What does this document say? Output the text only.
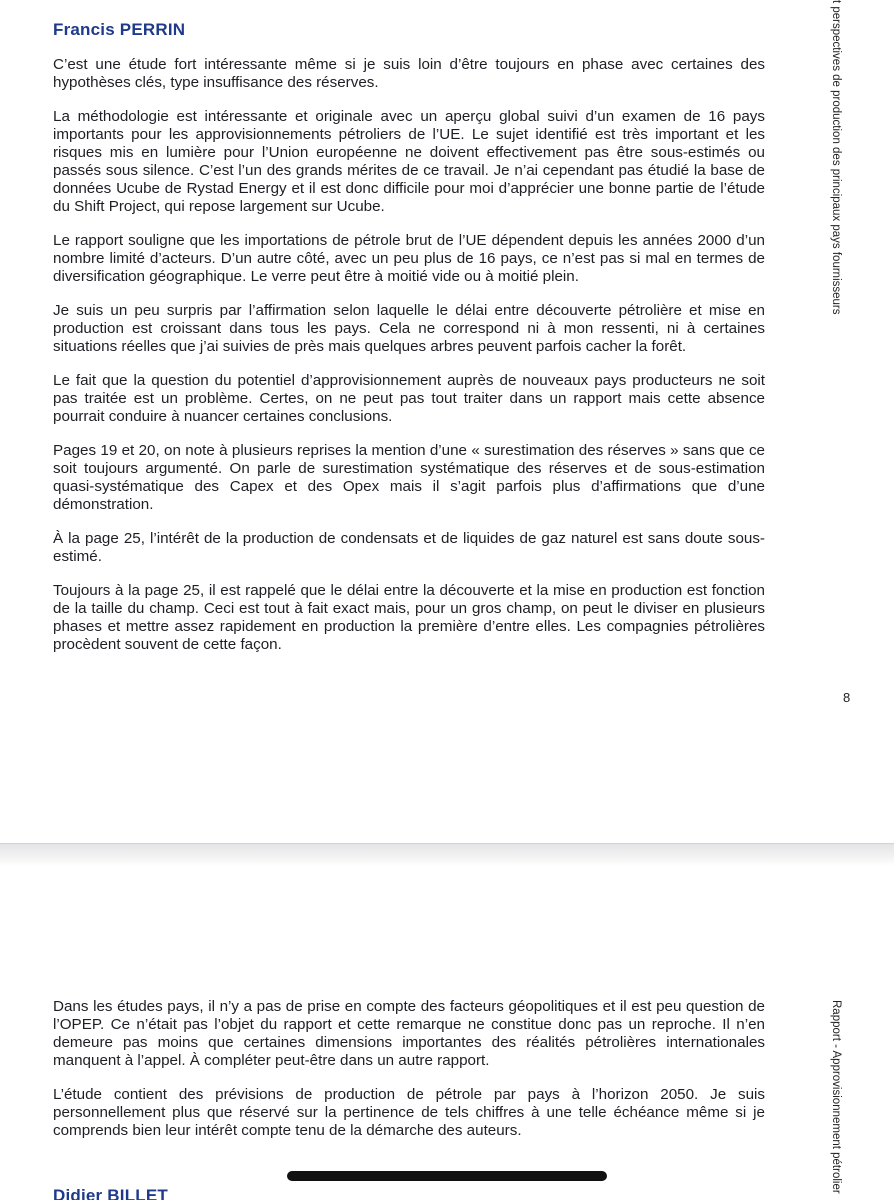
Francis PERRIN

C’est une étude fort intéressante même si je suis loin d’être toujours en phase avec certaines des hypothèses clés, type insuffisance des réserves.

La méthodologie est intéressante et originale avec un aperçu global suivi d’un examen de 16 pays importants pour les approvisionnements pétroliers de l’UE. Le sujet identifié est très important et les risques mis en lumière pour l’Union européenne ne doivent effectivement pas être sous-estimés ou passés sous silence. C’est l’un des grands mérites de ce travail. Je n’ai cependant pas étudié la base de données Ucube de Rystad Energy et il est donc difficile pour moi d’apprécier une bonne partie de l’étude du Shift Project, qui repose largement sur Ucube.

Le rapport souligne que les importations de pétrole brut de l’UE dépendent depuis les années 2000 d’un nombre limité d’acteurs. D’un autre côté, avec un peu plus de 16 pays, ce n’est pas si mal en termes de diversification géographique. Le verre peut être à moitié vide ou à moitié plein.

Je suis un peu surpris par l’affirmation selon laquelle le délai entre découverte pétrolière et mise en production est croissant dans tous les pays. Cela ne correspond ni à mon ressenti, ni à certaines situations réelles que j’ai suivies de près mais quelques arbres peuvent parfois cacher la forêt.

Le fait que la question du potentiel d’approvisionnement auprès de nouveaux pays producteurs ne soit pas traitée est un problème. Certes, on ne peut pas tout traiter dans un rapport mais cette absence pourrait conduire à nuancer certaines conclusions.

Pages 19 et 20, on note à plusieurs reprises la mention d’une « surestimation des réserves » sans que ce soit toujours argumenté. On parle de surestimation systématique des réserves et de sous-estimation quasi-systématique des Capex et des Opex mais il s’agit parfois plus d’affirmations que d’une démonstration.

À la page 25, l’intérêt de la production de condensats et de liquides de gaz naturel est sans doute sous-estimé.

Toujours à la page 25, il est rappelé que le délai entre la découverte et la mise en production est fonction de la taille du champ. Ceci est tout à fait exact mais, pour un gros champ, on peut le diviser en plusieurs phases et mettre assez rapidement en production la première d’entre elles. Les compagnies pétrolières procèdent souvent de cette façon.

t perspectives de production des principaux pays fournisseurs

8

Dans les études pays, il n’y a pas de prise en compte des facteurs géopolitiques et il est peu question de l’OPEP. Ce n’était pas l’objet du rapport et cette remarque ne constitue donc pas un reproche. Il n’en demeure pas moins que certaines dimensions importantes des réalités pétrolières internationales manquent à l’appel. À compléter peut-être dans un autre rapport.

L’étude contient des prévisions de production de pétrole par pays à l’horizon 2050. Je suis personnellement plus que réservé sur la pertinence de tels chiffres à une telle échéance même si je comprends bien leur intérêt compte tenu de la démarche des auteurs.	Rapport - Approvisionnement pétrolier

Didier BILLET
